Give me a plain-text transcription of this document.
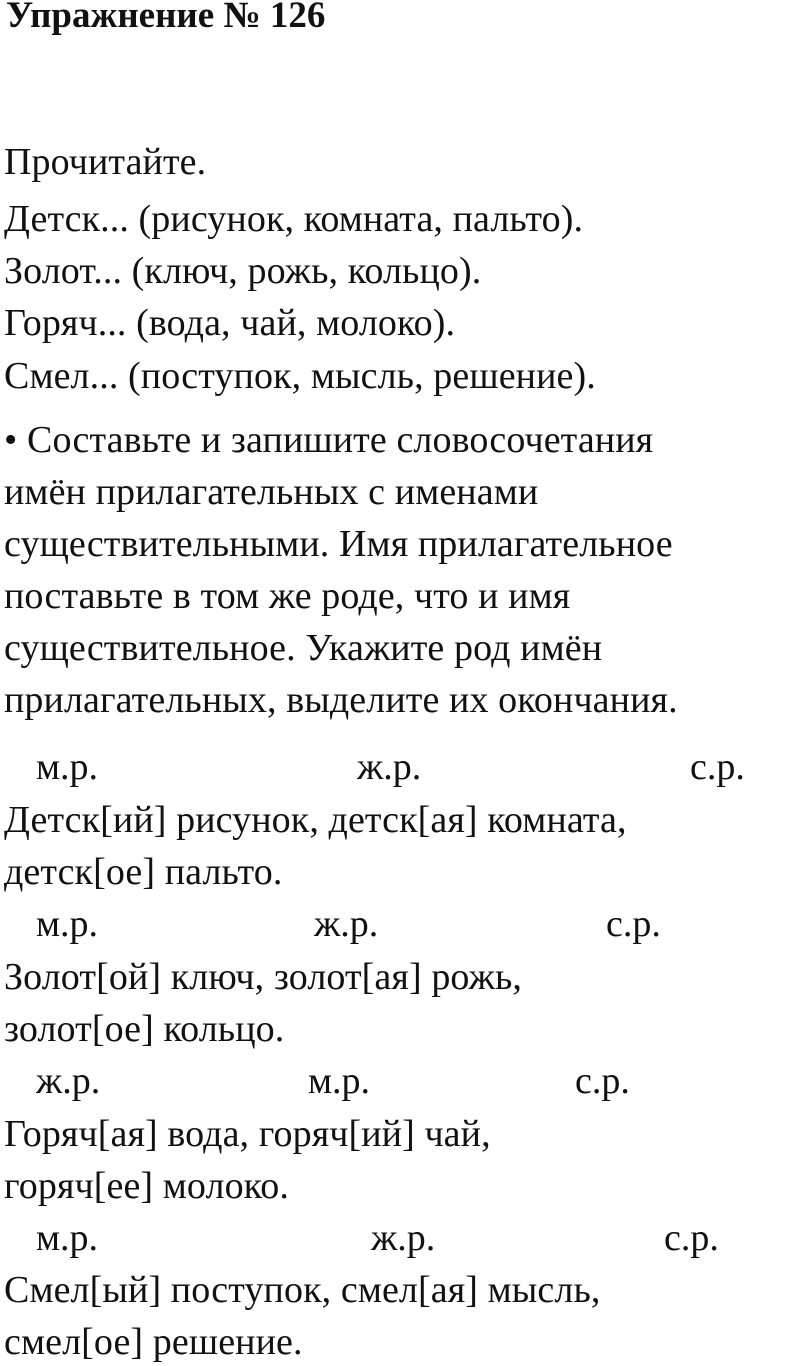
Упражнение № 126
Прочитайте.
Детск... (рисунок, комната, пальто).
Золот... (ключ, рожь, кольцо).
Горяч... (вода, чай, молоко).
Смел... (поступок, мысль, решение).
• Составьте и запишите словосочетания
имён прилагательных с именами
существительными. Имя прилагательное
поставьте в том же роде, что и имя
существительное. Укажите род имён
прилагательных, выделите их окончания.
м.р.	ж.р.	с.р.
Детск[ий] рисунок, детск[ая] комната,
детск[ое] пальто.
м.р.	ж.р.	с.р.
Золот[ой] ключ, золот[ая] рожь,
золот[ое] кольцо.
ж.р.	м.р.	с.р.
Горяч[ая] вода, горяч[ий] чай,
горяч[ее] молоко.
м.р.	ж.р.	с.р.
Смел[ый] поступок, смел[ая] мысль,
смел[ое] решение.
